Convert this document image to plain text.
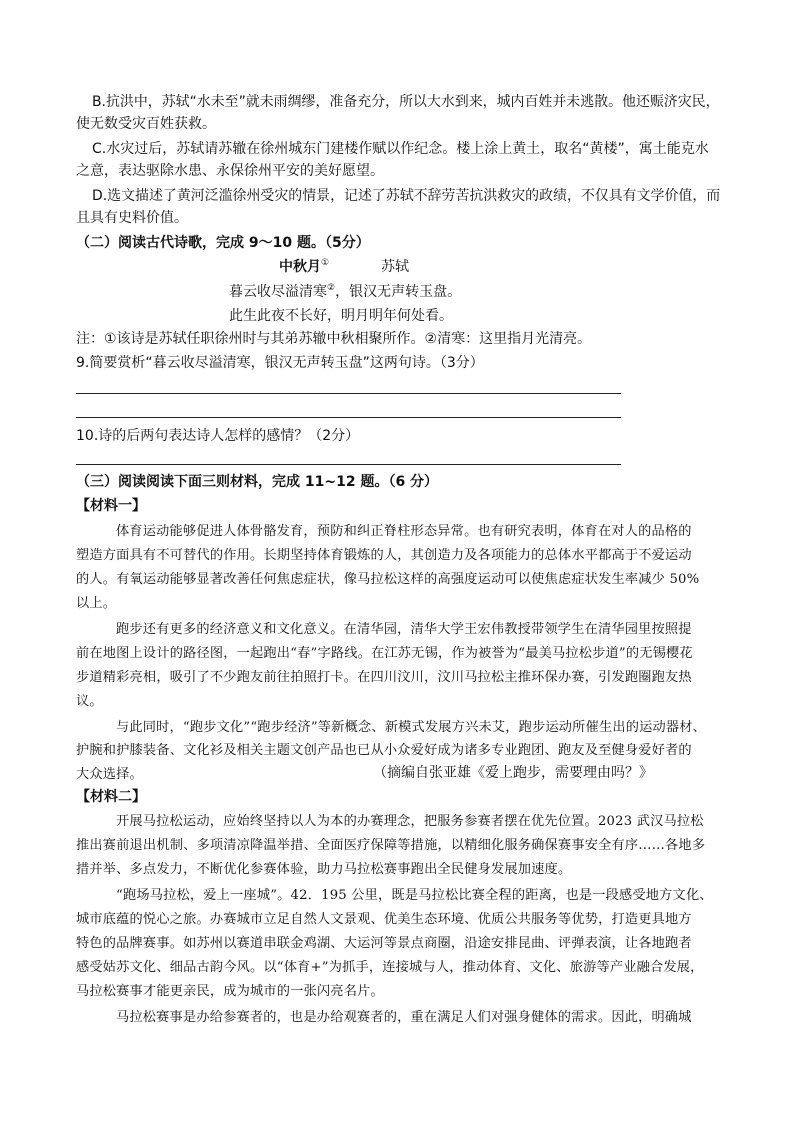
B.抗洪中，苏轼“水未至”就未雨绸缪，准备充分，所以大水到来，城内百姓并未逃散。他还赈济灾民，
使无数受灾百姓获救。
C.水灾过后，苏轼请苏辙在徐州城东门建楼作赋以作纪念。楼上涂上黄土，取名“黄楼”，寓土能克水
之意，表达驱除水患、永保徐州平安的美好愿望。
D.选文描述了黄河泛滥徐州受灾的情景，记述了苏轼不辞劳苦抗洪救灾的政绩，不仅具有文学价值，而
且具有史料价值。
（二）阅读古代诗歌，完成 9～10 题。（5分）
中秋月①	苏轼
暮云收尽溢清寒②，银汉无声转玉盘。
此生此夜不长好，明月明年何处看。
注：①该诗是苏轼任职徐州时与其弟苏辙中秋相聚所作。②清寒：这里指月光清亮。
9.简要赏析“暮云收尽溢清寒，银汉无声转玉盘”这两句诗。（3分）
10.诗的后两句表达诗人怎样的感情？（2分）
（三）阅读阅读下面三则材料，完成 11~12 题。（6 分）
【材料一】
体育运动能够促进人体骨骼发育，预防和纠正脊柱形态异常。也有研究表明，体育在对人的品格的
塑造方面具有不可替代的作用。长期坚持体育锻炼的人，其创造力及各项能力的总体水平都高于不爱运动
的人。有氧运动能够显著改善任何焦虑症状，像马拉松这样的高强度运动可以使焦虑症状发生率减少 50%
以上。
跑步还有更多的经济意义和文化意义。在清华园，清华大学王宏伟教授带领学生在清华园里按照提
前在地图上设计的路径图，一起跑出“春”字路线。在江苏无锡，作为被誉为“最美马拉松步道”的无锡樱花
步道精彩亮相，吸引了不少跑友前往拍照打卡。在四川汶川，汶川马拉松主推环保办赛，引发跑圈跑友热
议。
与此同时，“跑步文化”“跑步经济”等新概念、新模式发展方兴未艾，跑步运动所催生出的运动器材、
护腕和护膝装备、文化衫及相关主题文创产品也已从小众爱好成为诸多专业跑团、跑友及至健身爱好者的
大众选择。	（摘编自张亚雄《爱上跑步，需要理由吗？》
【材料二】
开展马拉松运动，应始终坚持以人为本的办赛理念，把服务参赛者摆在优先位置。2023 武汉马拉松
推出赛前退出机制、多项清凉降温举措、全面医疗保障等措施，以精细化服务确保赛事安全有序……各地多
措并举、多点发力，不断优化参赛体验，助力马拉松赛事跑出全民健身发展加速度。
“跑场马拉松，爱上一座城”。42．195 公里，既是马拉松比赛全程的距离，也是一段感受地方文化、
城市底蕴的悦心之旅。办赛城市立足自然人文景观、优美生态环境、优质公共服务等优势，打造更具地方
特色的品牌赛事。如苏州以赛道串联金鸡湖、大运河等景点商圈，沿途安排昆曲、评弹表演，让各地跑者
感受姑苏文化、细品古韵今风。以“体育+”为抓手，连接城与人，推动体育、文化、旅游等产业融合发展，
马拉松赛事才能更亲民，成为城市的一张闪亮名片。
马拉松赛事是办给参赛者的，也是办给观赛者的，重在满足人们对强身健体的需求。因此，明确城
